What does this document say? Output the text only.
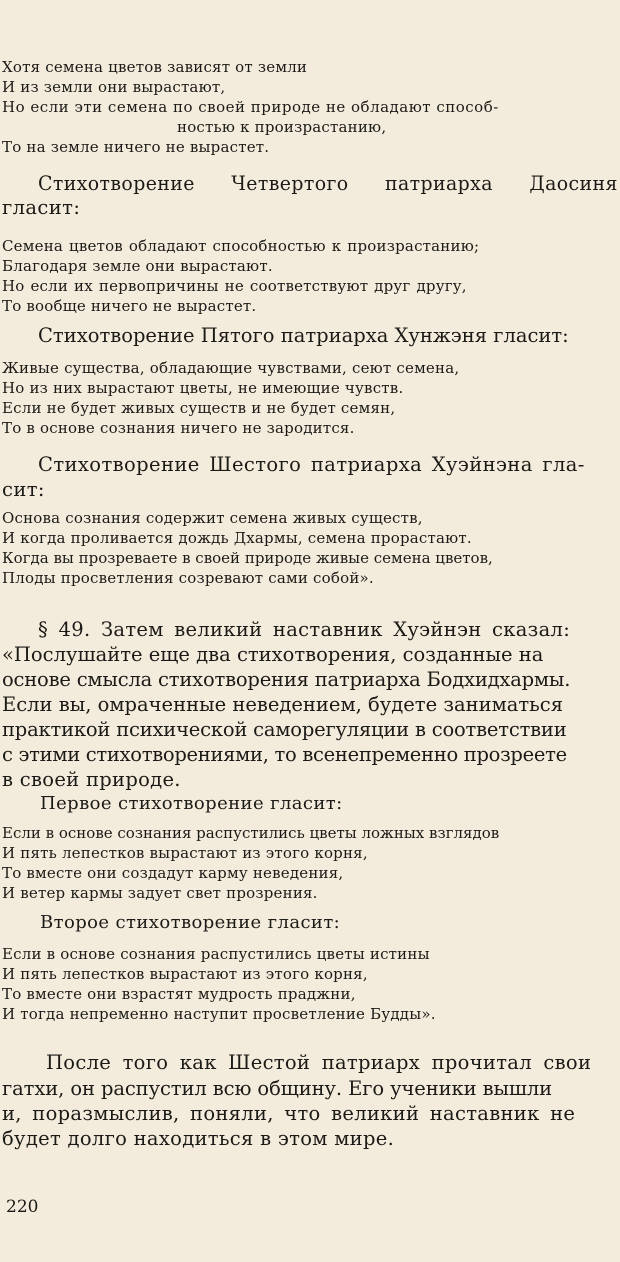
Хотя семена цветов зависят от земли
И из земли они вырастают,
Но если эти семена по своей природе не обладают способ-
ностью к произрастанию,
То на земле ничего не вырастет.
Стихотворение Четвертого патриарха Даосиня
гласит:
Семена цветов обладают способностью к произрастанию;
Благодаря земле они вырастают.
Но если их первопричины не соответствуют друг другу,
То вообще ничего не вырастет.
Стихотворение Пятого патриарха Хунжэня гласит:
Живые существа, обладающие чувствами, сеют семена,
Но из них вырастают цветы, не имеющие чувств.
Если не будет живых существ и не будет семян,
То в основе сознания ничего не зародится.
Стихотворение Шестого патриарха Хуэйнэна гла-
сит:
Основа сознания содержит семена живых существ,
И когда проливается дождь Дхармы, семена прорастают.
Когда вы прозреваете в своей природе живые семена цветов,
Плоды просветления созревают сами собой».
§ 49. Затем великий наставник Хуэйнэн сказал:
«Послушайте еще два стихотворения, созданные на
основе смысла стихотворения патриарха Бодхидхармы.
Если вы, омраченные неведением, будете заниматься
практикой психической саморегуляции в соответствии
с этими стихотворениями, то всенепременно прозреете
в своей природе.
Первое стихотворение гласит:
Если в основе сознания распустились цветы ложных взглядов
И пять лепестков вырастают из этого корня,
То вместе они создадут карму неведения,
И ветер кармы задует свет прозрения.
Второе стихотворение гласит:
Если в основе сознания распустились цветы истины
И пять лепестков вырастают из этого корня,
То вместе они взрастят мудрость праджни,
И тогда непременно наступит просветление Будды».
После того как Шестой патриарх прочитал свои
гатхи, он распустил всю общину. Его ученики вышли
и, поразмыслив, поняли, что великий наставник не
будет долго находиться в этом мире.
220
